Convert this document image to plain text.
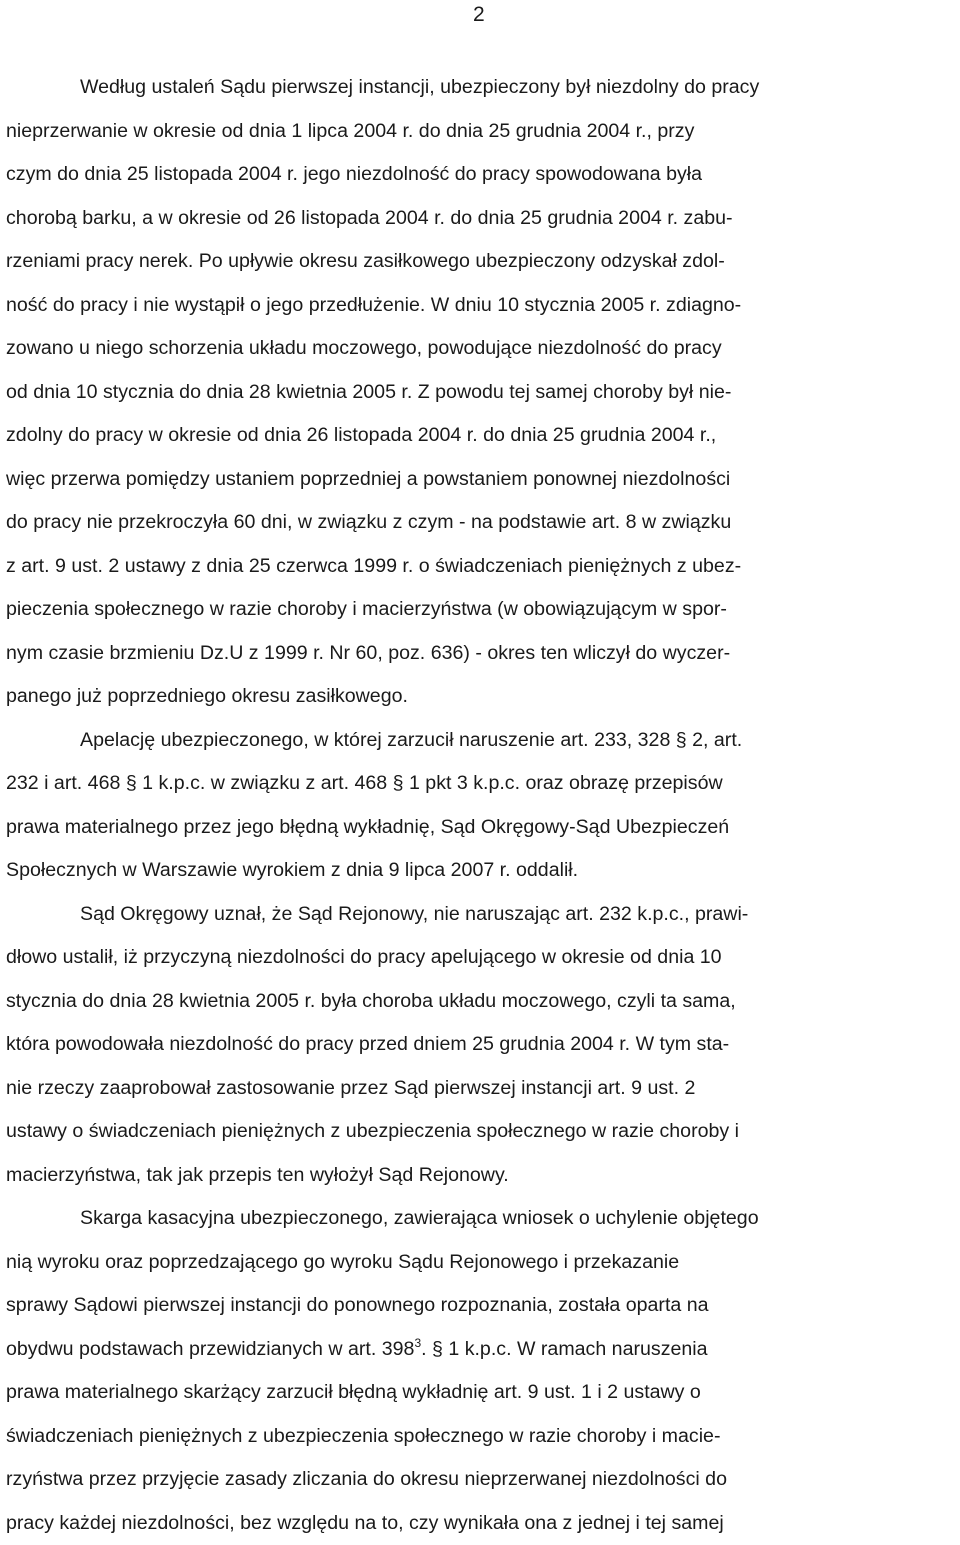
2
Według ustaleń Sądu pierwszej instancji, ubezpieczony był niezdolny do pracy
nieprzerwanie w okresie od dnia 1 lipca 2004 r. do dnia 25 grudnia 2004 r., przy
czym do dnia 25 listopada 2004 r. jego niezdolność do pracy spowodowana była
chorobą barku, a w okresie od 26 listopada 2004 r. do dnia 25 grudnia 2004 r. zabu-
rzeniami pracy nerek. Po upływie okresu zasiłkowego ubezpieczony odzyskał zdol-
ność do pracy i nie wystąpił o jego przedłużenie. W dniu 10 stycznia 2005 r. zdiagno-
zowano u niego schorzenia układu moczowego, powodujące niezdolność do pracy
od dnia 10 stycznia do dnia 28 kwietnia 2005 r. Z powodu tej samej choroby był nie-
zdolny do pracy w okresie od dnia 26 listopada 2004 r. do dnia 25 grudnia 2004 r.,
więc przerwa pomiędzy ustaniem poprzedniej a powstaniem ponownej niezdolności
do pracy nie przekroczyła 60 dni, w związku z czym - na podstawie art. 8 w związku
z art. 9 ust. 2 ustawy z dnia 25 czerwca 1999 r. o świadczeniach pieniężnych z ubez-
pieczenia społecznego w razie choroby i macierzyństwa (w obowiązującym w spor-
nym czasie brzmieniu Dz.U z 1999 r. Nr 60, poz. 636) - okres ten wliczył do wyczer-
panego już poprzedniego okresu zasiłkowego.
Apelację ubezpieczonego, w której zarzucił naruszenie art. 233, 328 § 2, art.
232 i art. 468 § 1 k.p.c. w związku z art. 468 § 1 pkt 3 k.p.c. oraz obrazę przepisów
prawa materialnego przez jego błędną wykładnię, Sąd Okręgowy-Sąd Ubezpieczeń
Społecznych w Warszawie wyrokiem z dnia 9 lipca 2007 r. oddalił.
Sąd Okręgowy uznał, że Sąd Rejonowy, nie naruszając art. 232 k.p.c., prawi-
dłowo ustalił, iż przyczyną niezdolności do pracy apelującego w okresie od dnia 10
stycznia do dnia 28 kwietnia 2005 r. była choroba układu moczowego, czyli ta sama,
która powodowała niezdolność do pracy przed dniem 25 grudnia 2004 r. W tym sta-
nie rzeczy zaaprobował zastosowanie przez Sąd pierwszej instancji art. 9 ust. 2
ustawy o świadczeniach pieniężnych z ubezpieczenia społecznego w razie choroby i
macierzyństwa, tak jak przepis ten wyłożył Sąd Rejonowy.
Skarga kasacyjna ubezpieczonego, zawierająca wniosek o uchylenie objętego
nią wyroku oraz poprzedzającego go wyroku Sądu Rejonowego i przekazanie
sprawy Sądowi pierwszej instancji do ponownego rozpoznania, została oparta na
obydwu podstawach przewidzianych w art. $398^3$. § 1 k.p.c. W ramach naruszenia
prawa materialnego skarżący zarzucił błędną wykładnię art. 9 ust. 1 i 2 ustawy o
świadczeniach pieniężnych z ubezpieczenia społecznego w razie choroby i macie-
rzyństwa przez przyjęcie zasady zliczania do okresu nieprzerwanej niezdolności do
pracy każdej niezdolności, bez względu na to, czy wynikała ona z jednej i tej samej
